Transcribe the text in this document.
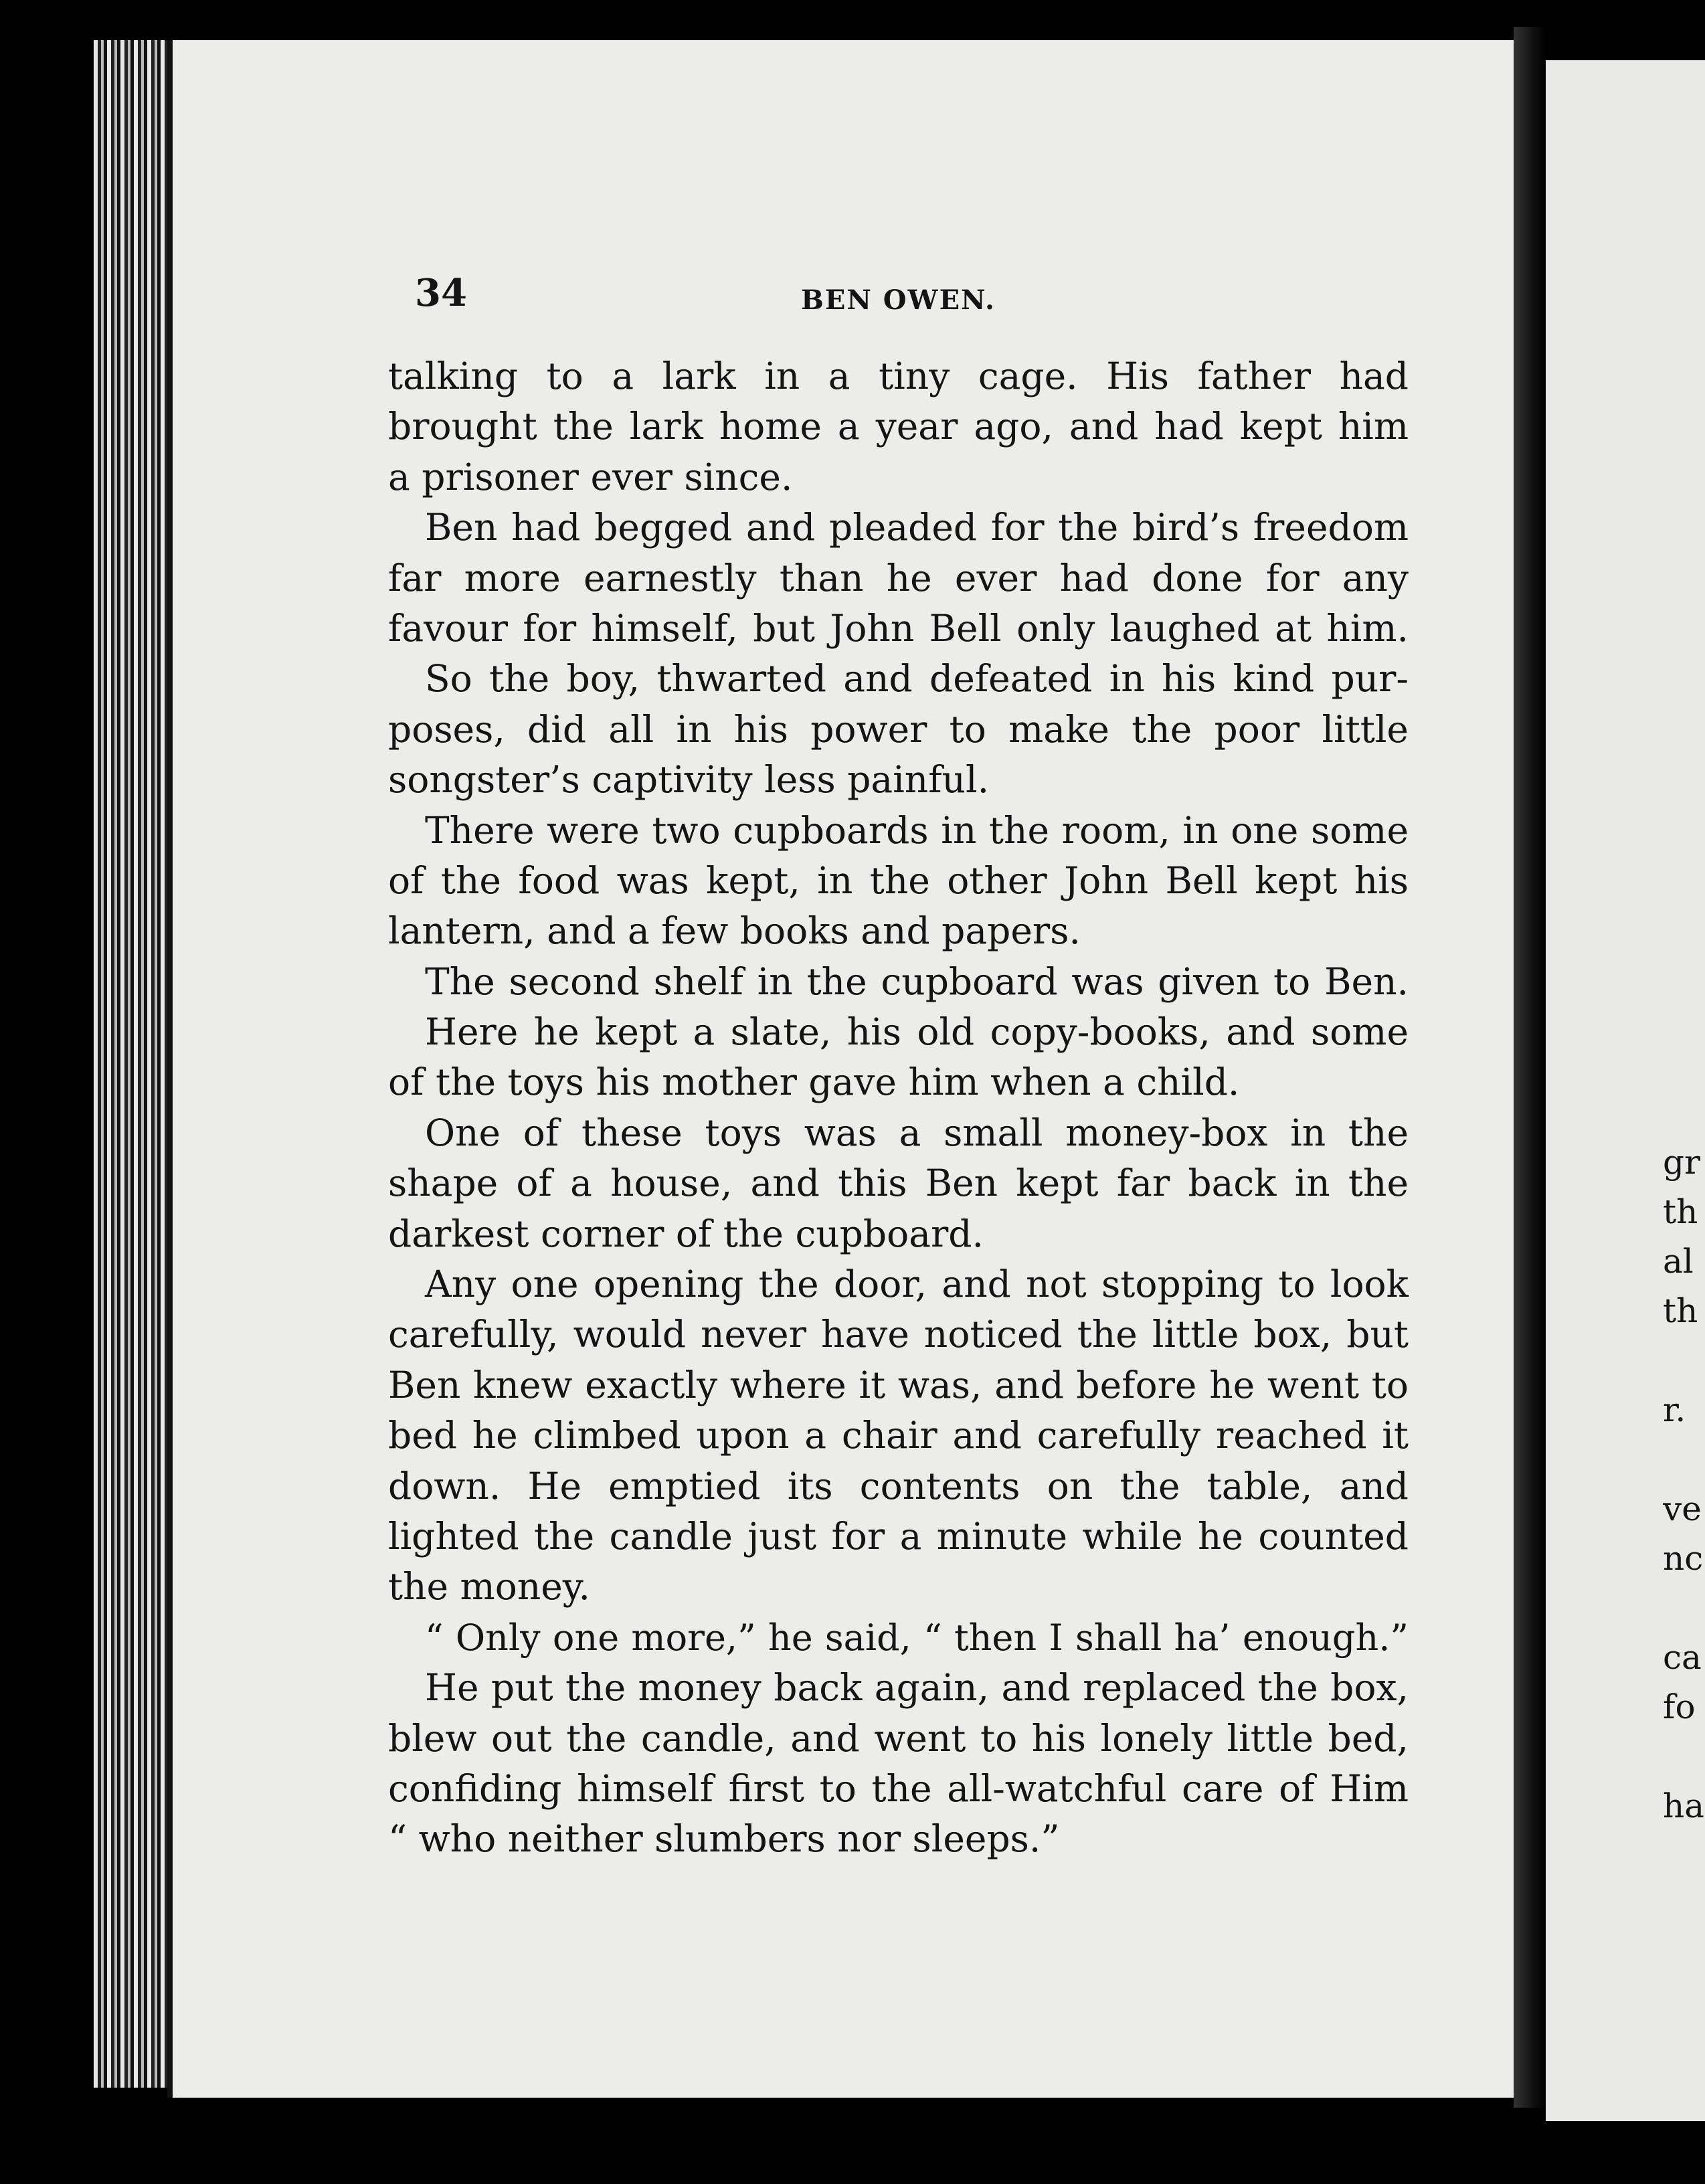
34	BEN OWEN.
talking to a lark in a tiny cage. His father had
brought the lark home a year ago, and had kept him
a prisoner ever since.
Ben had begged and pleaded for the bird’s freedom
far more earnestly than he ever had done for any
favour for himself, but John Bell only laughed at him.
So the boy, thwarted and defeated in his kind pur-
poses, did all in his power to make the poor little
songster’s captivity less painful.
There were two cupboards in the room, in one some
of the food was kept, in the other John Bell kept his
lantern, and a few books and papers.
The second shelf in the cupboard was given to Ben.
Here he kept a slate, his old copy-books, and some
of the toys his mother gave him when a child.
One of these toys was a small money-box in the
shape of a house, and this Ben kept far back in the
darkest corner of the cupboard.
Any one opening the door, and not stopping to look
carefully, would never have noticed the little box, but
Ben knew exactly where it was, and before he went to
bed he climbed upon a chair and carefully reached it
down. He emptied its contents on the table, and
lighted the candle just for a minute while he counted
the money.
“ Only one more,” he said, “ then I shall ha’ enough.”
He put the money back again, and replaced the box,
blew out the candle, and went to his lonely little bed,
confiding himself first to the all-watchful care of Him
“ who neither slumbers nor sleeps.”
gr
th
al
th
r.
ve
nc
ca
fo
ha
